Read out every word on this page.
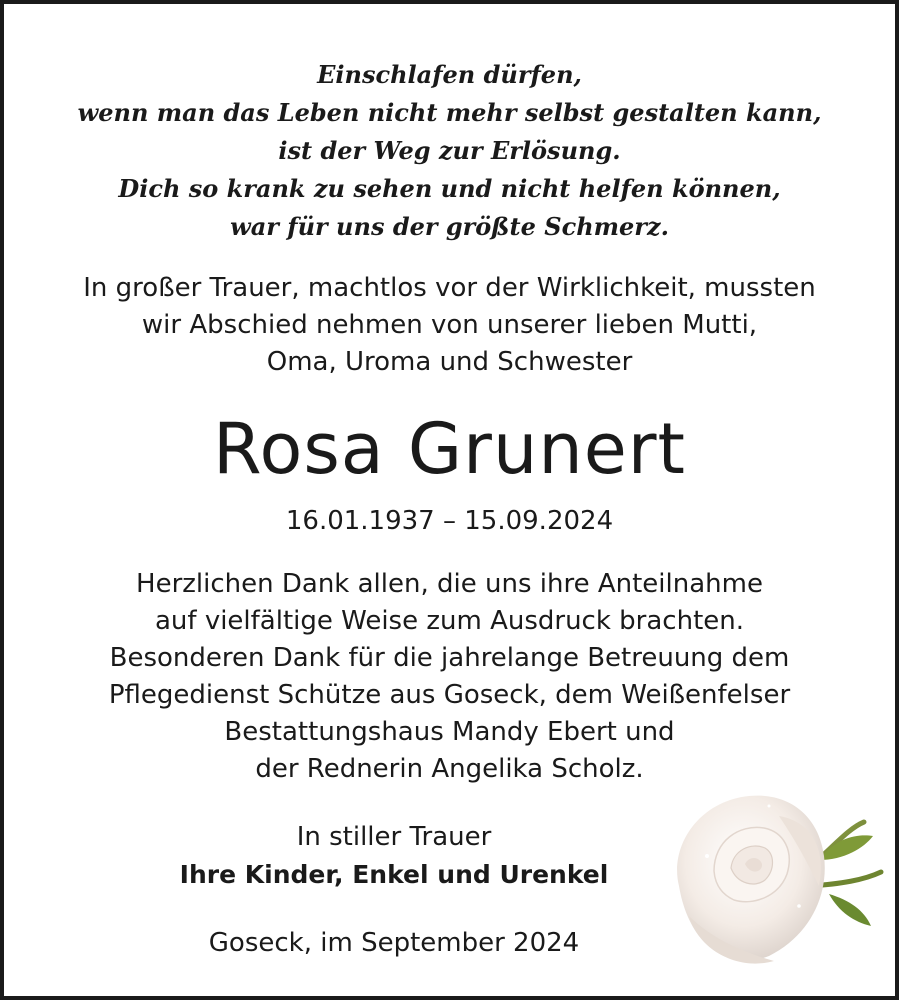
Einschlafen dürfen,
wenn man das Leben nicht mehr selbst gestalten kann,
ist der Weg zur Erlösung.
Dich so krank zu sehen und nicht helfen können,
war für uns der größte Schmerz.
In großer Trauer, machtlos vor der Wirklichkeit, mussten
wir Abschied nehmen von unserer lieben Mutti,
Oma, Uroma und Schwester
Rosa Grunert
16.01.1937 – 15.09.2024
Herzlichen Dank allen, die uns ihre Anteilnahme
auf vielfältige Weise zum Ausdruck brachten.
Besonderen Dank für die jahrelange Betreuung dem
Pflegedienst Schütze aus Goseck, dem Weißenfelser
Bestattungshaus Mandy Ebert und
der Rednerin Angelika Scholz.
In stiller Trauer
Ihre Kinder, Enkel und Urenkel
Goseck, im September 2024
